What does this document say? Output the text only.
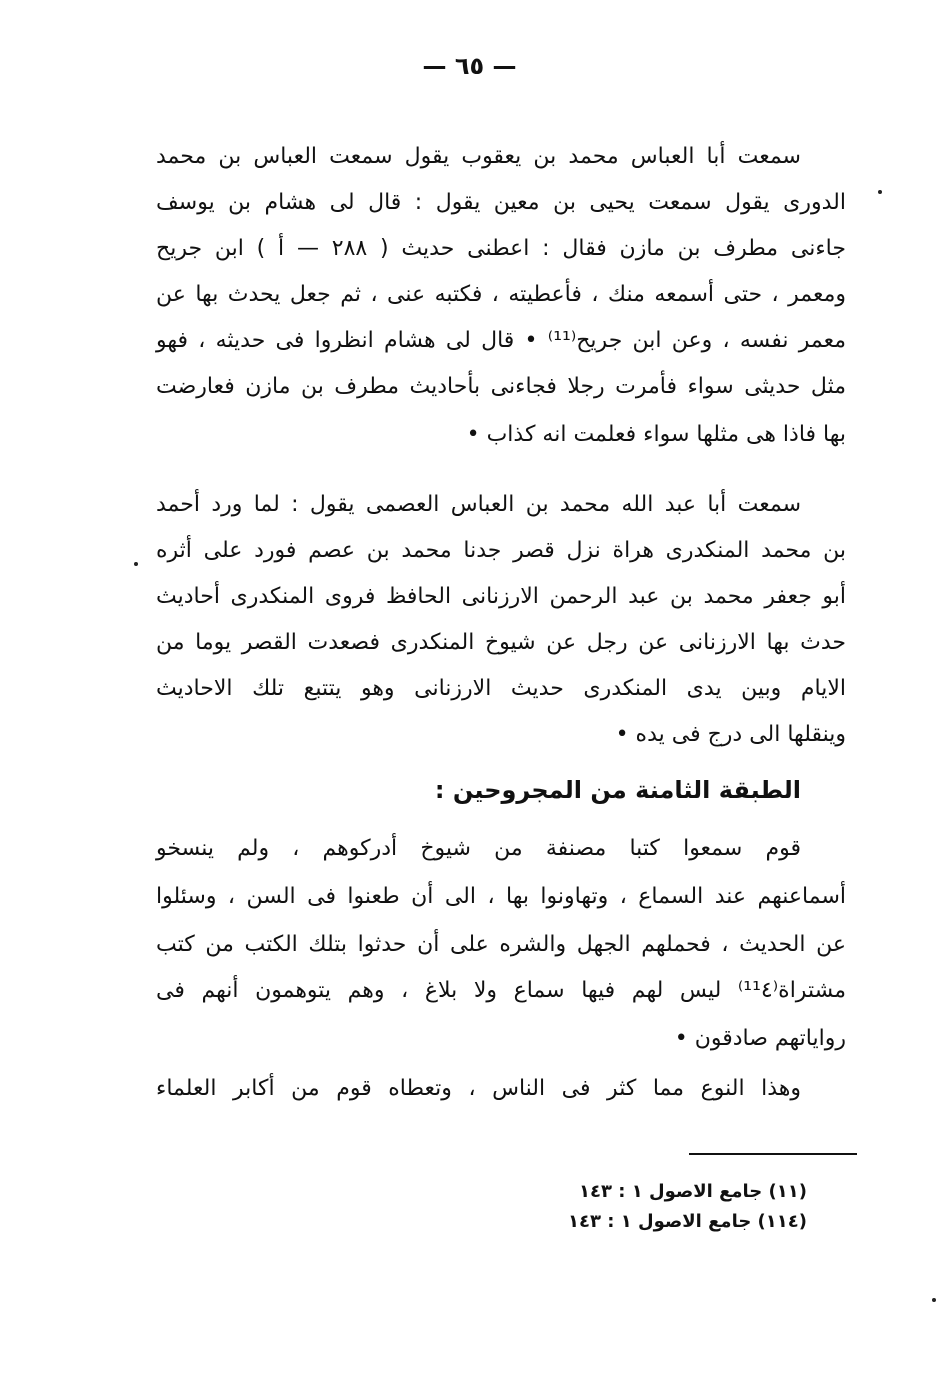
— ٦٥ —
سمعت أبا العباس محمد بن يعقوب يقول سمعت العباس بن محمد
الدورى يقول سمعت يحيى بن معين يقول : قال لى هشام بن يوسف
جاءنى مطرف بن مازن فقال : اعطنى حديث ( ٢٨٨ — أ ) ابن جريح
ومعمر ، حتى أسمعه منك ، فأعطيته ، فكتبه عنى ، ثم جعل يحدث بها عن
معمر نفسه ، وعن ابن جريح⁽¹¹⁾ • قال لى هشام انظروا فى حديثه ، فهو
مثل حديثى سواء فأمرت رجلا فجاءنى بأحاديث مطرف بن مازن فعارضت
بها فاذا هى مثلها سواء فعلمت انه كذاب •
سمعت أبا عبد الله محمد بن العباس العصمى يقول : لما ورد أحمد
بن محمد المنكدرى هراة نزل قصر جدنا محمد بن عصم فورد على أثره
أبو جعفر محمد بن عبد الرحمن الارزنانى الحافظ فروى المنكدرى أحاديث
حدث بها الارزنانى عن رجل عن شيوخ المنكدرى فصعدت القصر يوما من
الايام وبين يدى المنكدرى حديث الارزنانى وهو يتتبع تلك الاحاديث
وينقلها الى درج فى يده •
الطبقة الثامنة من المجروحين :
قوم سمعوا كتبا مصنفة من شيوخ أدركوهم ، ولم ينسخو
أسماعنهم عند السماع ، وتهاونوا بها ، الى أن طعنوا فى السن ، وسئلوا
عن الحديث ، فحملهم الجهل والشره على أن حدثوا بتلك الكتب من كتب
مشتراة⁽¹¹٤⁾ ليس لهم فيها سماع ولا بلاغ ، وهم يتوهمون أنهم فى
رواياتهم صادقون •
وهذا النوع مما كثر فى الناس ، وتعطاه قوم من أكابر العلماء
(١١) جامع الاصول ١ : ١٤٣
(١١٤) جامع الاصول ١ : ١٤٣
